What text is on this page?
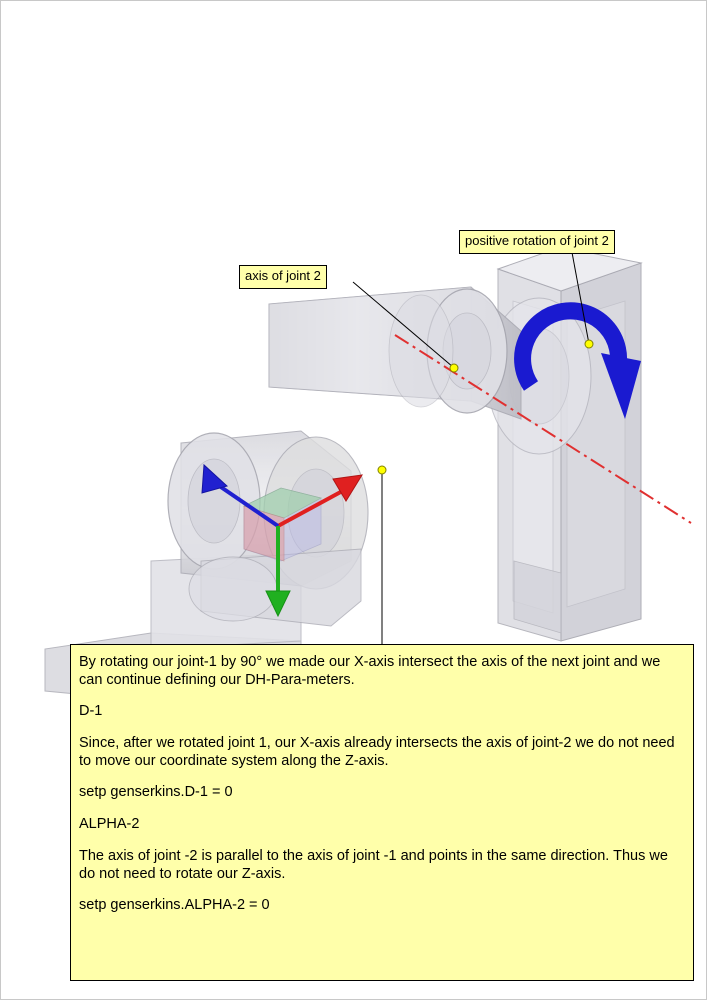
axis of joint 2
positive rotation of joint 2

By rotating our joint-1 by 90° we made our X-axis intersect the axis of the next joint and we can continue defining our DH-Para-meters.

D-1

Since, after we rotated joint 1, our X-axis already intersects the axis of joint-2 we do not need to move our coordinate system along the Z-axis.

setp genserkins.D-1 = 0

ALPHA-2

The axis of joint -2 is parallel to the axis of joint -1 and points in the same direction. Thus we do not need to rotate our Z-axis.

setp genserkins.ALPHA-2 = 0
